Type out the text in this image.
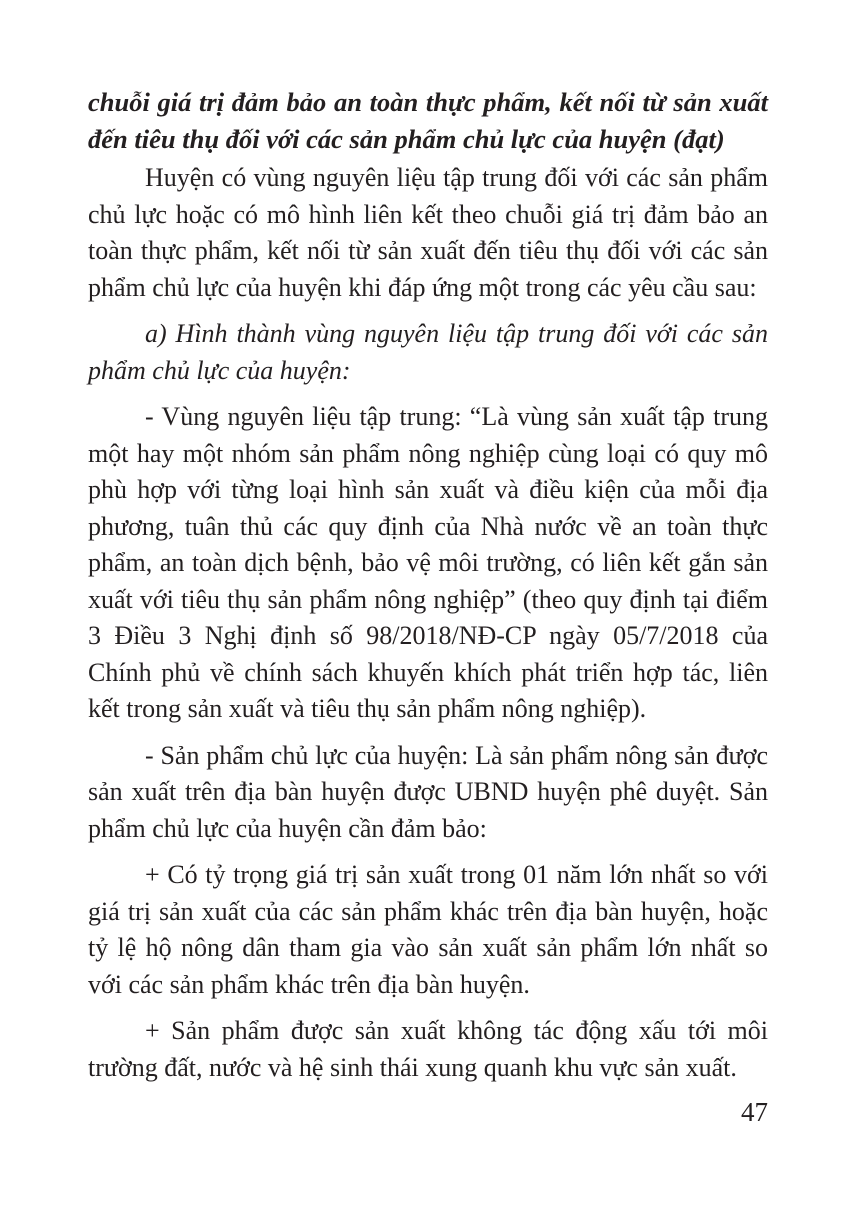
chuỗi giá trị đảm bảo an toàn thực phẩm, kết nối từ sản xuất đến tiêu thụ đối với các sản phẩm chủ lực của huyện (đạt)

Huyện có vùng nguyên liệu tập trung đối với các sản phẩm chủ lực hoặc có mô hình liên kết theo chuỗi giá trị đảm bảo an toàn thực phẩm, kết nối từ sản xuất đến tiêu thụ đối với các sản phẩm chủ lực của huyện khi đáp ứng một trong các yêu cầu sau:

a) Hình thành vùng nguyên liệu tập trung đối với các sản phẩm chủ lực của huyện:

- Vùng nguyên liệu tập trung: “Là vùng sản xuất tập trung một hay một nhóm sản phẩm nông nghiệp cùng loại có quy mô phù hợp với từng loại hình sản xuất và điều kiện của mỗi địa phương, tuân thủ các quy định của Nhà nước về an toàn thực phẩm, an toàn dịch bệnh, bảo vệ môi trường, có liên kết gắn sản xuất với tiêu thụ sản phẩm nông nghiệp” (theo quy định tại điểm 3 Điều 3 Nghị định số 98/2018/NĐ-CP ngày 05/7/2018 của Chính phủ về chính sách khuyến khích phát triển hợp tác, liên kết trong sản xuất và tiêu thụ sản phẩm nông nghiệp).

- Sản phẩm chủ lực của huyện: Là sản phẩm nông sản được sản xuất trên địa bàn huyện được UBND huyện phê duyệt. Sản phẩm chủ lực của huyện cần đảm bảo:

+ Có tỷ trọng giá trị sản xuất trong 01 năm lớn nhất so với giá trị sản xuất của các sản phẩm khác trên địa bàn huyện, hoặc tỷ lệ hộ nông dân tham gia vào sản xuất sản phẩm lớn nhất so với các sản phẩm khác trên địa bàn huyện.

+ Sản phẩm được sản xuất không tác động xấu tới môi trường đất, nước và hệ sinh thái xung quanh khu vực sản xuất.

47
